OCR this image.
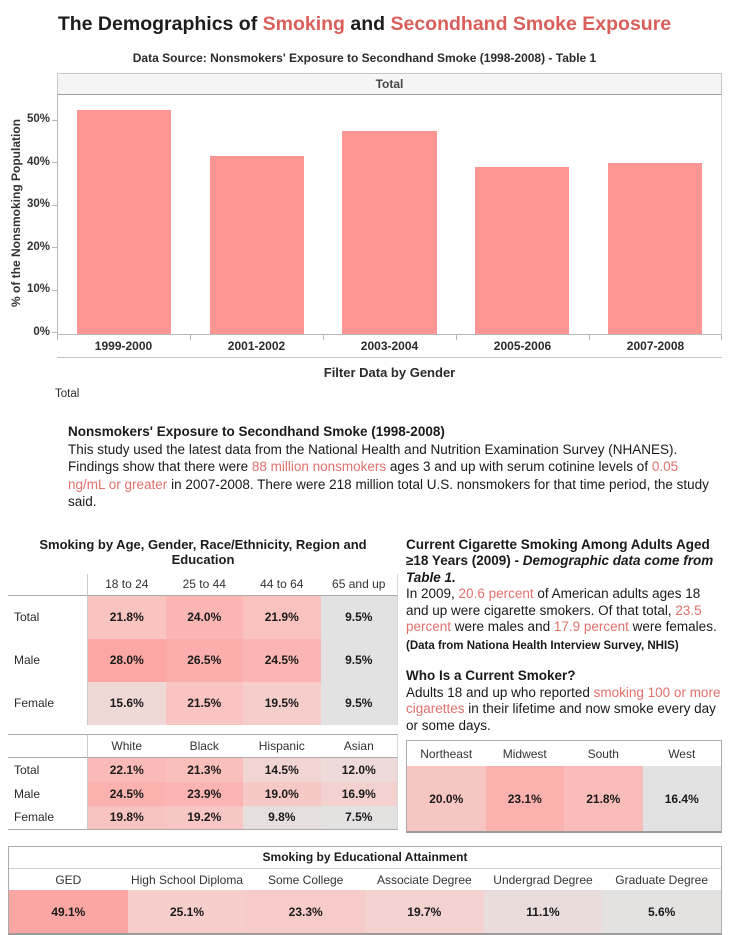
The Demographics of Smoking and Secondhand Smoke Exposure
Data Source: Nonsmokers' Exposure to Secondhand Smoke (1998-2008) - Table 1
% of the Nonsmoking Population
0%
10%
20%
30%
40%
50%
Total
1999-2000	2001-2002	2003-2004	2005-2006	2007-2008
Filter Data by Gender
Total
Nonsmokers' Exposure to Secondhand Smoke (1998-2008)
This study used the latest data from the National Health and Nutrition Examination Survey (NHANES). Findings show that there were 88 million nonsmokers ages 3 and up with serum cotinine levels of 0.05 ng/mL or greater in 2007-2008. There were 218 million total U.S. nonsmokers for that time period, the study said.
Smoking by Age, Gender, Race/Ethnicity, Region and Education
18 to 24	25 to 44	44 to 64	65 and up
Total	21.8%	24.0%	21.9%	9.5%
Male	28.0%	26.5%	24.5%	9.5%
Female	15.6%	21.5%	19.5%	9.5%
White	Black	Hispanic	Asian
Total	22.1%	21.3%	14.5%	12.0%
Male	24.5%	23.9%	19.0%	16.9%
Female	19.8%	19.2%	9.8%	7.5%
Current Cigarette Smoking Among Adults Aged ≥18 Years (2009) - Demographic data come from Table 1.
In 2009, 20.6 percent of American adults ages 18 and up were cigarette smokers. Of that total, 23.5 percent were males and 17.9 percent were females.
(Data from Nationa Health Interview Survey, NHIS)
Who Is a Current Smoker?
Adults 18 and up who reported smoking 100 or more cigarettes in their lifetime and now smoke every day or some days.
Northeast	Midwest	South	West
20.0%	23.1%	21.8%	16.4%
Smoking by Educational Attainment
GED	High School Diploma	Some College	Associate Degree	Undergrad Degree	Graduate Degree
49.1%	25.1%	23.3%	19.7%	11.1%	5.6%
